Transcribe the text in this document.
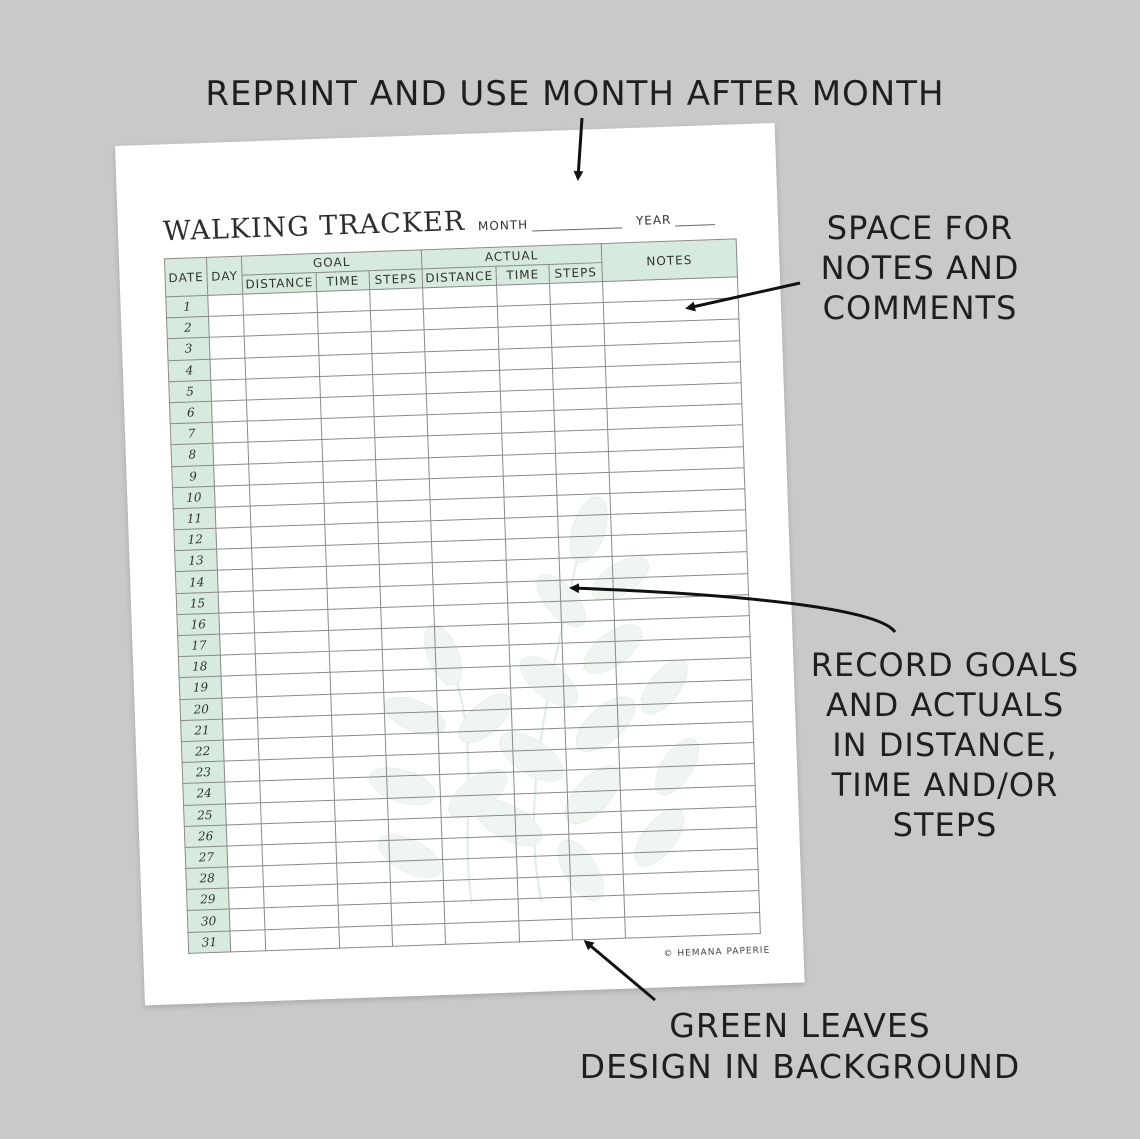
REPRINT AND USE MONTH AFTER MONTH
SPACE FOR
NOTES AND
COMMENTS
RECORD GOALS
AND ACTUALS
IN DISTANCE,
TIME AND/OR
STEPS
GREEN LEAVES
DESIGN IN BACKGROUND
WALKING TRACKER MONTH	YEAR
DATE	DAY	GOAL			ACTUAL			NOTES
		DISTANCE	TIME	STEPS	DISTANCE	TIME	STEPS	
1								
2								
3								
4								
5								
6								
7								
8								
9								
10								
11								
12								
13								
14								
15								
16								
17								
18								
19								
20								
21								
22								
23								
24								
25								
26								
27								
28								
29								
30								
31								
© HEMANA PAPERIE
